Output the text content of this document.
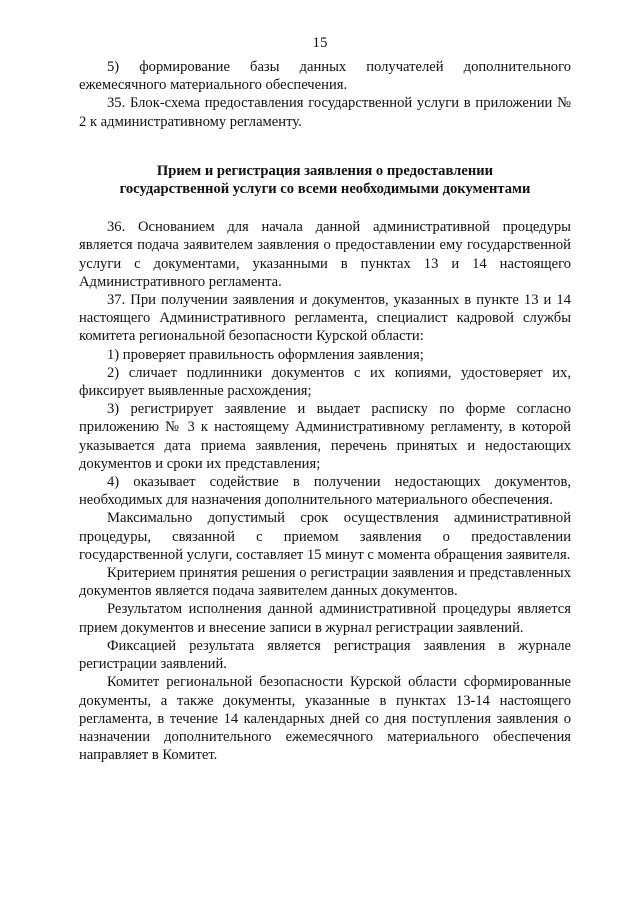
15

5) формирование базы данных получателей дополнительного ежемесячного материального обеспечения.

35. Блок-схема предоставления государственной услуги в приложении № 2 к административному регламенту.

Прием и регистрация заявления о предоставлении
государственной услуги со всеми необходимыми документами

36. Основанием для начала данной административной процедуры является подача заявителем заявления о предоставлении ему государственной услуги с документами, указанными в пунктах 13 и 14 настоящего Административного регламента.

37. При получении заявления и документов, указанных в пункте 13 и 14 настоящего Административного регламента, специалист кадровой службы комитета региональной безопасности Курской области:

1) проверяет правильность оформления заявления;

2) сличает подлинники документов с их копиями, удостоверяет их, фиксирует выявленные расхождения;

3) регистрирует заявление и выдает расписку по форме согласно приложению № 3 к настоящему Административному регламенту, в которой указывается дата приема заявления, перечень принятых и недостающих документов и сроки их представления;

4) оказывает содействие в получении недостающих документов, необходимых для назначения дополнительного материального обеспечения.

Максимально допустимый срок осуществления административной процедуры, связанной с приемом заявления о предоставлении государственной услуги, составляет 15 минут с момента обращения заявителя.

Критерием принятия решения о регистрации заявления и представленных документов является подача заявителем данных документов.

Результатом исполнения данной административной процедуры является прием документов и внесение записи в журнал регистрации заявлений.

Фиксацией результата является регистрация заявления в журнале регистрации заявлений.

Комитет региональной безопасности Курской области сформированные документы, а также документы, указанные в пунктах 13-14 настоящего регламента, в течение 14 календарных дней со дня поступления заявления о назначении дополнительного ежемесячного материального обеспечения направляет в Комитет.
